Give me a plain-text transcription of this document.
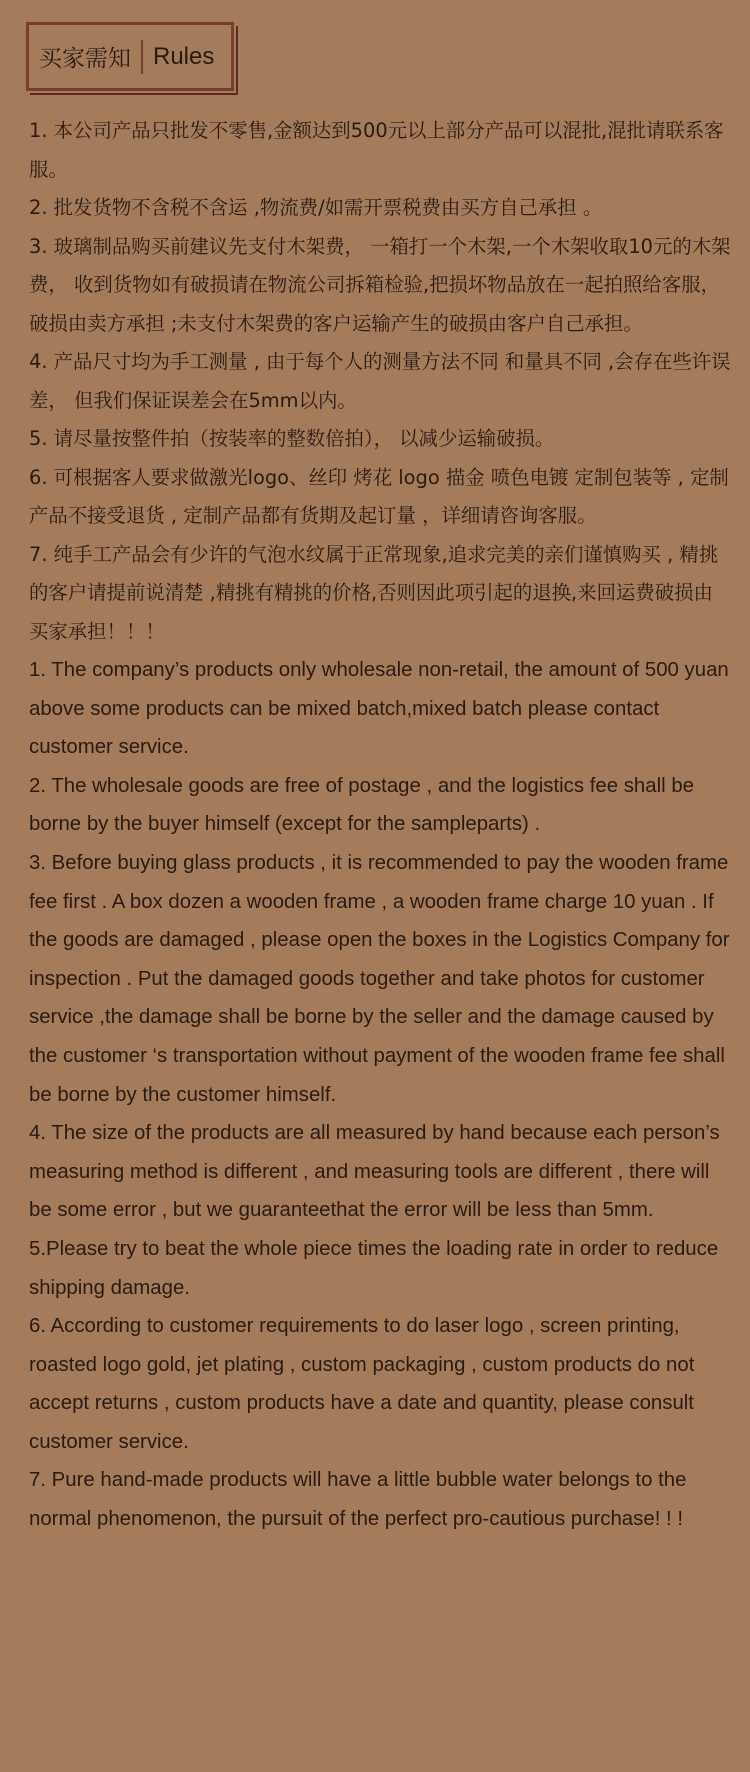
买家需知 Rules

1. 本公司产品只批发不零售,金额达到500元以上部分产品可以混批,混批请联系客服。

2. 批发货物不含税不含运 ,物流费/如需开票税费由买方自己承担 。

3. 玻璃制品购买前建议先支付木架费， 一箱打一个木架,一个木架收取10元的木架费， 收到货物如有破损请在物流公司拆箱检验,把损坏物品放在一起拍照给客服， 破损由卖方承担 ;未支付木架费的客户运输产生的破损由客户自己承担。

4. 产品尺寸均为手工测量 , 由于每个人的测量方法不同 和量具不同 ,会存在些许误差， 但我们保证误差会在5mm以内。

5. 请尽量按整件拍（按装率的整数倍拍）， 以减少运输破损。

6. 可根据客人要求做激光logo、丝印 烤花 logo 描金 喷色电镀 定制包装等 , 定制产品不接受退货 , 定制产品都有货期及起订量 ，详细请咨询客服。

7. 纯手工产品会有少许的气泡水纹属于正常现象,追求完美的亲们谨慎购买 , 精挑的客户请提前说清楚 ,精挑有精挑的价格,否则因此项引起的退换,来回运费破损由买家承担！！！

1. The company’s products only wholesale non-retail, the amount of 500 yuan above some products can be mixed batch,mixed batch please contact customer service.

2. The wholesale goods are free of postage , and the logistics fee shall be borne by the buyer himself (except for the sampleparts) .

3. Before buying glass products , it is recommended to pay the wooden frame fee first . A box dozen a wooden frame , a wooden frame charge 10 yuan . If the goods are damaged , please open the boxes in the Logistics Company for inspection . Put the damaged goods together and take photos for customer service ,the damage shall be borne by the seller and the damage caused by the customer ‘s transportation without payment of the wooden frame fee shall be borne by the customer himself.

4. The size of the products are all measured by hand because each person’s measuring method is different , and measuring tools are different , there will be some error , but we guaranteethat the error will be less than 5mm.

5.Please try to beat the whole piece times the loading rate in order to reduce shipping damage.

6. According to customer requirements to do laser logo , screen printing, roasted logo gold, jet plating , custom packaging , custom products do not accept returns , custom products have a date and quantity, please consult customer service.

7. Pure hand-made products will have a little bubble water belongs to the normal phenomenon, the pursuit of the perfect pro-cautious purchase! ! !
